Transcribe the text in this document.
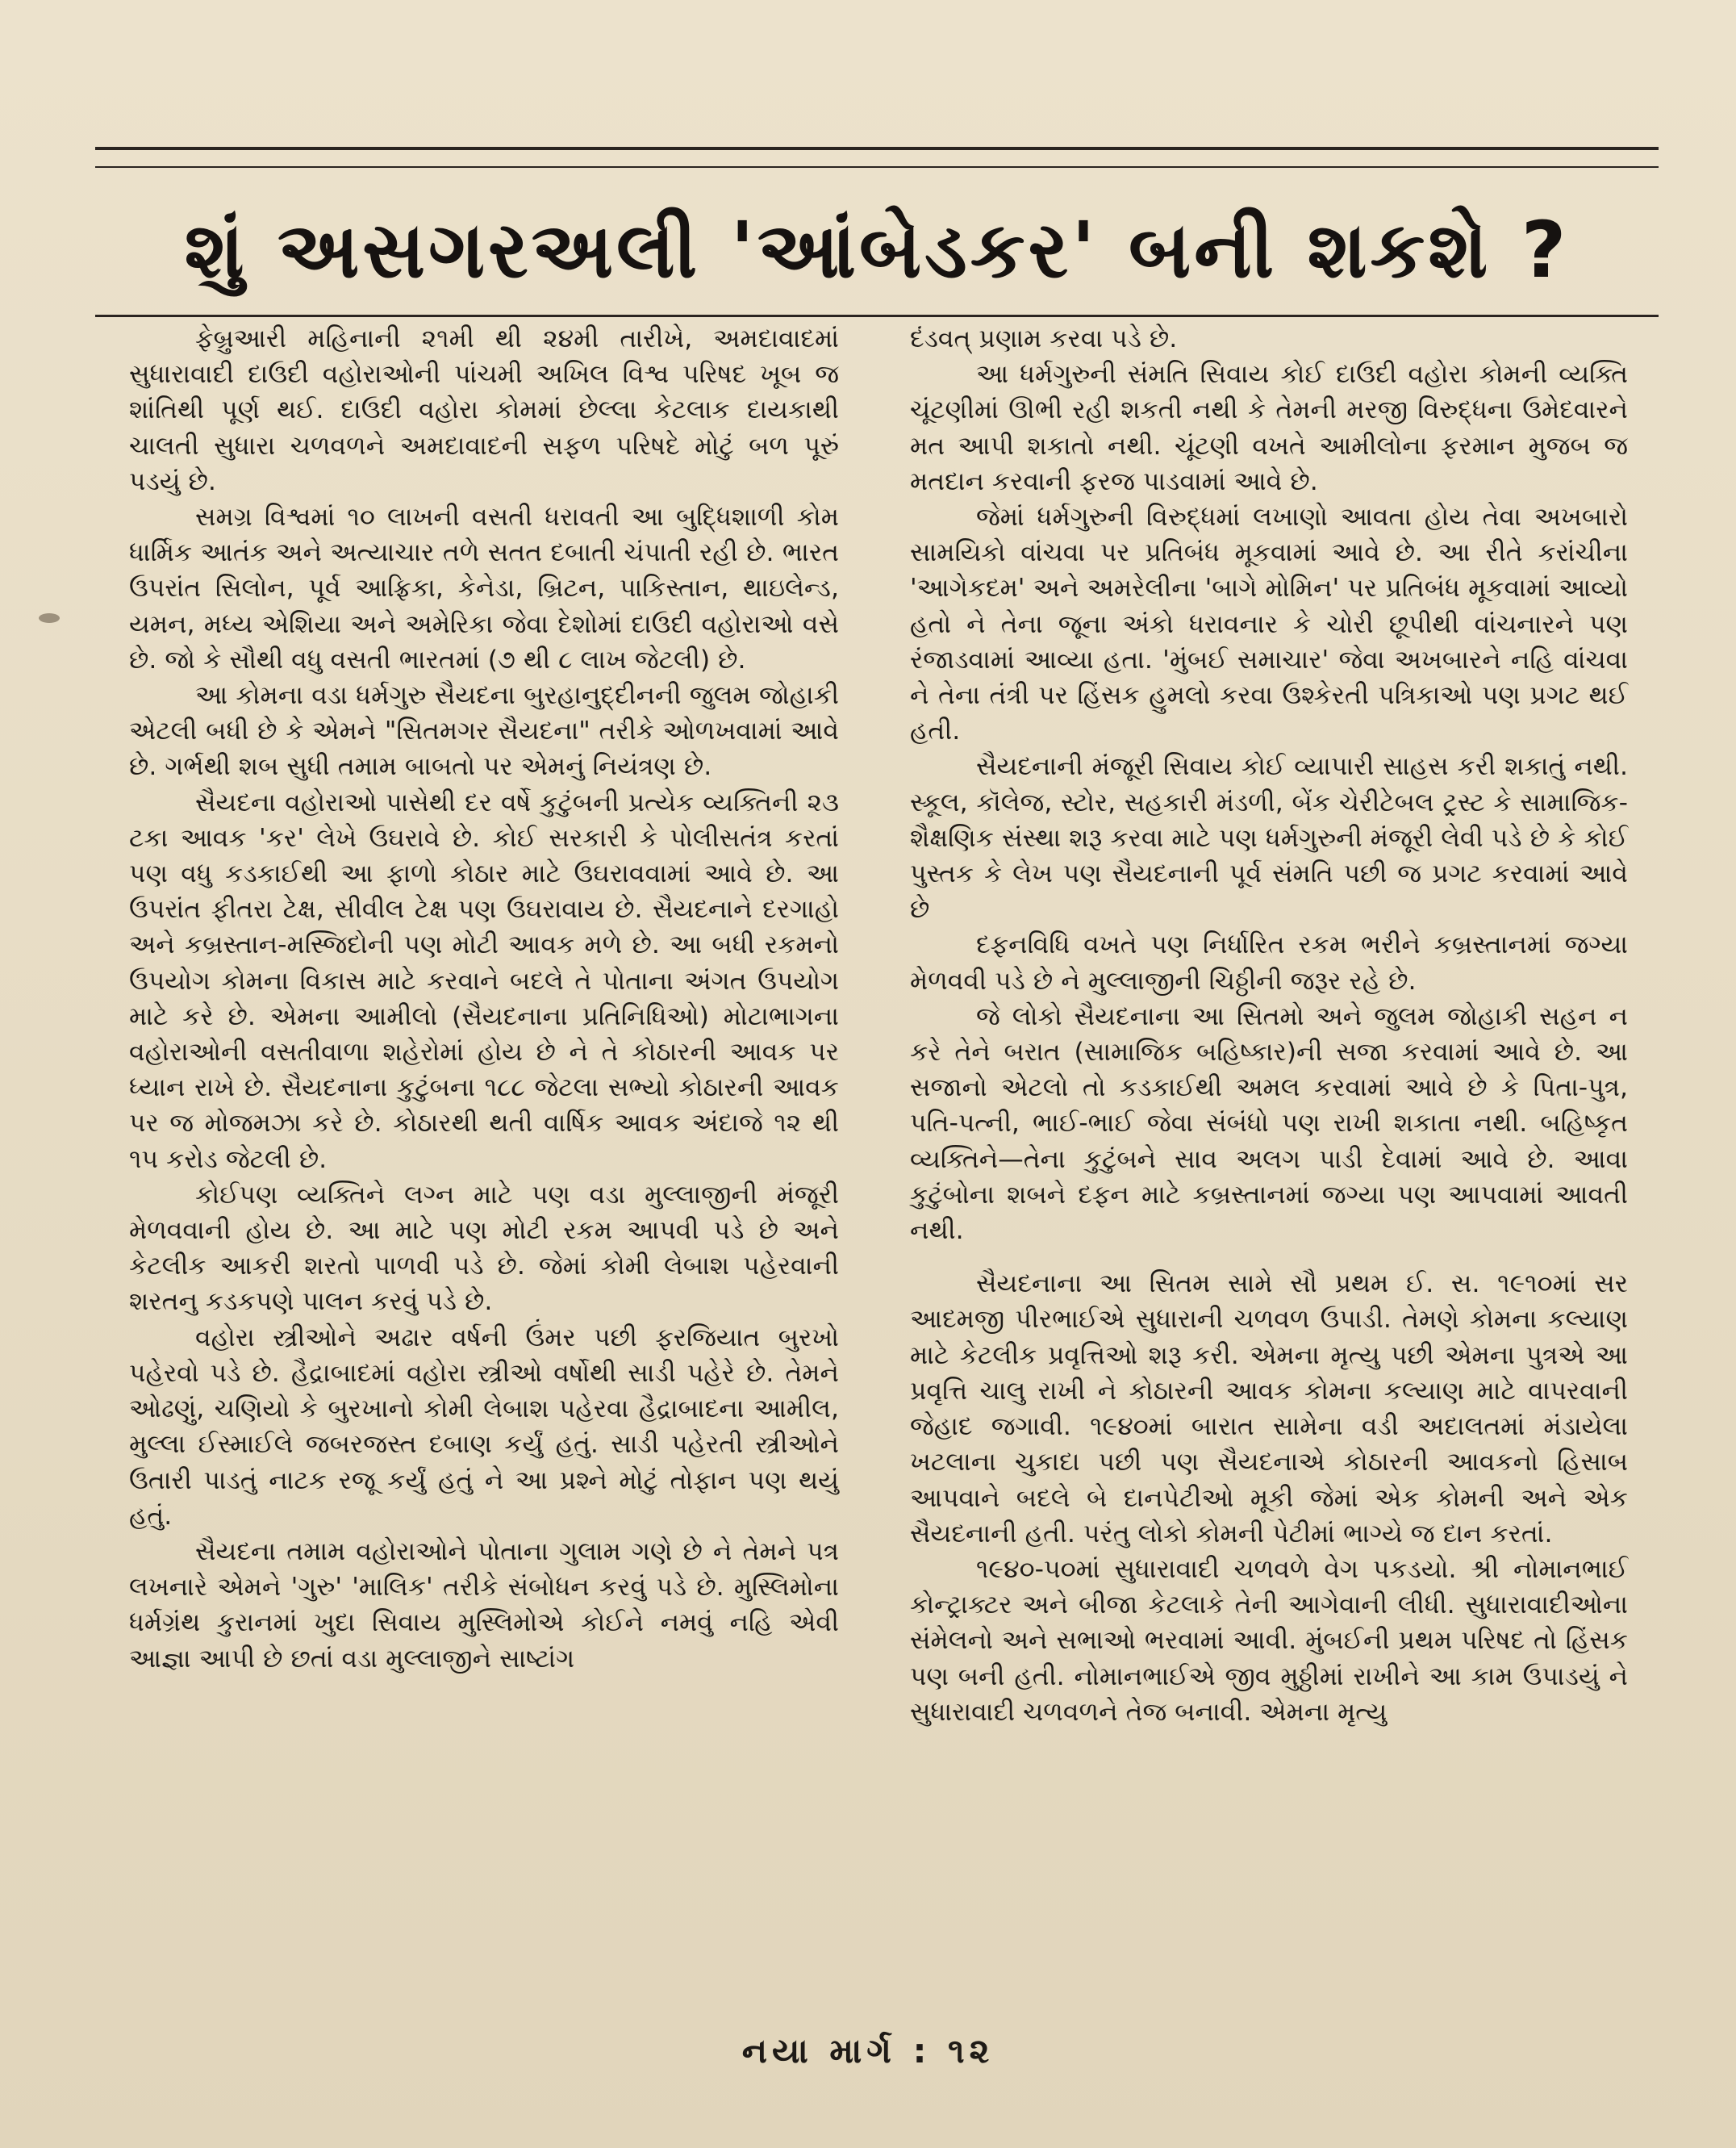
શું અસગરઅલી 'આંબેડકર' બની શકશે ?

ફેબ્રુઆરી મહિનાની ૨૧મી થી ૨૪મી તારીખે, અમદાવાદમાં સુધારાવાદી દાઉદી વહોરાઓની પાંચમી અખિલ વિશ્વ પરિષદ ખૂબ જ શાંતિથી પૂર્ણ થઈ. દાઉદી વહોરા કોમમાં છેલ્લા કેટલાક દાયકાથી ચાલતી સુધારા ચળવળને અમદાવાદની સફળ પરિષદે મોટું બળ પૂરું પડયું છે.

સમગ્ર વિશ્વમાં ૧૦ લાખની વસતી ધરાવતી આ બુદ્ધિશાળી કોમ ધાર્મિક આતંક અને અત્યાચાર તળે સતત દબાતી ચંપાતી રહી છે. ભારત ઉપરાંત સિલોન, પૂર્વ આફ્રિકા, કેનેડા, બ્રિટન, પાકિસ્તાન, થાઇલેન્ડ, યમન, મધ્ય એશિયા અને અમેરિકા જેવા દેશોમાં દાઉદી વહોરાઓ વસે છે. જો કે સૌથી વધુ વસતી ભારતમાં (૭ થી ૮ લાખ જેટલી) છે.

આ કોમના વડા ધર્મગુરુ સૈયદના બુરહાનુદ્દીનની જુલમ જોહાકી એટલી બધી છે કે એમને "સિતમગર સૈયદના" તરીકે ઓળખવામાં આવે છે. ગર્ભથી શબ સુધી તમામ બાબતો પર એમનું નિયંત્રણ છે.

સૈયદના વહોરાઓ પાસેથી દર વર્ષે કુટુંબની પ્રત્યેક વ્યક્તિની ૨૩ ટકા આવક 'કર' લેખે ઉઘરાવે છે. કોઈ સરકારી કે પોલીસતંત્ર કરતાં પણ વધુ કડકાઈથી આ ફાળો કોઠાર માટે ઉઘરાવવામાં આવે છે. આ ઉપરાંત ફીતરા ટેક્ષ, સીવીલ ટેક્ષ પણ ઉઘરાવાય છે. સૈયદનાને દરગાહો અને કબ્રસ્તાન-મસ્જિદોની પણ મોટી આવક મળે છે. આ બધી રકમનો ઉપયોગ કોમના વિકાસ માટે કરવાને બદલે તે પોતાના અંગત ઉપયોગ માટે કરે છે. એમના આમીલો (સૈયદનાના પ્રતિનિધિઓ) મોટાભાગના વહોરાઓની વસતીવાળા શહેરોમાં હોય છે ને તે કોઠારની આવક પર ધ્યાન રાખે છે. સૈયદનાના કુટુંબના ૧૮૮ જેટલા સભ્યો કોઠારની આવક પર જ મોજમઝા કરે છે. કોઠારથી થતી વાર્ષિક આવક અંદાજે ૧૨ થી ૧૫ કરોડ જેટલી છે.

કોઈપણ વ્યક્તિને લગ્ન માટે પણ વડા મુલ્લાજીની મંજૂરી મેળવવાની હોય છે. આ માટે પણ મોટી રકમ આપવી પડે છે અને કેટલીક આકરી શરતો પાળવી પડે છે. જેમાં કોમી લેબાશ પહેરવાની શરતનુ કડકપણે પાલન કરવું પડે છે.

વહોરા સ્ત્રીઓને અઢાર વર્ષની ઉંમર પછી ફરજિયાત બુરખો પહેરવો પડે છે. હૈદ્રાબાદમાં વહોરા સ્ત્રીઓ વર્ષોથી સાડી પહેરે છે. તેમને ઓઢણું, ચણિયો કે બુરખાનો કોમી લેબાશ પહેરવા હૈદ્રાબાદના આમીલ, મુલ્લા ઈસ્માઈલે જબરજસ્ત દબાણ કર્યું હતું. સાડી પહેરતી સ્ત્રીઓને ઉતારી પાડતું નાટક રજૂ કર્યું હતું ને આ પ્રશ્ને મોટું તોફાન પણ થયું હતું.

સૈયદના તમામ વહોરાઓને પોતાના ગુલામ ગણે છે ને તેમને પત્ર લખનારે એમને 'ગુરુ' 'માલિક' તરીકે સંબોધન કરવું પડે છે. મુસ્લિમોના ધર્મગ્રંથ કુરાનમાં ખુદા સિવાય મુસ્લિમોએ કોઈને નમવું નહિ એવી આજ્ઞા આપી છે છતાં વડા મુલ્લાજીને સાષ્ટાંગ

દંડવત્ પ્રણામ કરવા પડે છે.

આ ધર્મગુરુની સંમતિ સિવાય કોઈ દાઉદી વહોરા કોમની વ્યક્તિ ચૂંટણીમાં ઊભી રહી શકતી નથી કે તેમની મરજી વિરુદ્ધના ઉમેદવારને મત આપી શકાતો નથી. ચૂંટણી વખતે આમીલોના ફરમાન મુજબ જ મતદાન કરવાની ફરજ પાડવામાં આવે છે.

જેમાં ધર્મગુરુની વિરુદ્ધમાં લખાણો આવતા હોય તેવા અખબારો સામયિકો વાંચવા પર પ્રતિબંધ મૂકવામાં આવે છે. આ રીતે કરાંચીના 'આગેકદમ' અને અમરેલીના 'બાગે મોમિન' પર પ્રતિબંધ મૂકવામાં આવ્યો હતો ને તેના જૂના અંકો ધરાવનાર કે ચોરી છૂપીથી વાંચનારને પણ રંજાડવામાં આવ્યા હતા. 'મુંબઈ સમાચાર' જેવા અખબારને નહિ વાંચવા ને તેના તંત્રી પર હિંસક હુમલો કરવા ઉશ્કેરતી પત્રિકાઓ પણ પ્રગટ થઈ હતી.

સૈયદનાની મંજૂરી સિવાય કોઈ વ્યાપારી સાહસ કરી શકાતું નથી. સ્કૂલ, કૉલેજ, સ્ટોર, સહકારી મંડળી, બેંક ચેરીટેબલ ટ્રસ્ટ કે સામાજિક-શૈક્ષણિક સંસ્થા શરૂ કરવા માટે પણ ધર્મગુરુની મંજૂરી લેવી પડે છે કે કોઈ પુસ્તક કે લેખ પણ સૈયદનાની પૂર્વ સંમતિ પછી જ પ્રગટ કરવામાં આવે છે

દફનવિધિ વખતે પણ નિર્ધારિત રકમ ભરીને કબ્રસ્તાનમાં જગ્યા મેળવવી પડે છે ને મુલ્લાજીની ચિઠ્ઠીની જરૂર રહે છે.

જે લોકો સૈયદનાના આ સિતમો અને જુલમ જોહાકી સહન ન કરે તેને બરાત (સામાજિક બહિષ્કાર)ની સજા કરવામાં આવે છે. આ સજાનો એટલો તો કડકાઈથી અમલ કરવામાં આવે છે કે પિતા-પુત્ર, પતિ-પત્ની, ભાઈ-ભાઈ જેવા સંબંધો પણ રાખી શકાતા નથી. બહિષ્કૃત વ્યક્તિને—તેના કુટુંબને સાવ અલગ પાડી દેવામાં આવે છે. આવા કુટુંબોના શબને દફન માટે કબ્રસ્તાનમાં જગ્યા પણ આપવામાં આવતી નથી.

સૈયદનાના આ સિતમ સામે સૌ પ્રથમ ઈ. સ. ૧૯૧૦માં સર આદમજી પીરભાઈએ સુધારાની ચળવળ ઉપાડી. તેમણે કોમના કલ્યાણ માટે કેટલીક પ્રવૃત્તિઓ શરૂ કરી. એમના મૃત્યુ પછી એમના પુત્રએ આ પ્રવૃત્તિ ચાલુ રાખી ને કોઠારની આવક કોમના કલ્યાણ માટે વાપરવાની જેહાદ જગાવી. ૧૯૪૦માં બારાત સામેના વડી અદાલતમાં મંડાયેલા ખટલાના ચુકાદા પછી પણ સૈયદનાએ કોઠારની આવકનો હિસાબ આપવાને બદલે બે દાનપેટીઓ મૂકી જેમાં એક કોમની અને એક સૈયદનાની હતી. પરંતુ લોકો કોમની પેટીમાં ભાગ્યે જ દાન કરતાં.

૧૯૪૦-૫૦માં સુધારાવાદી ચળવળે વેગ પકડયો. શ્રી નોમાનભાઈ કોન્ટ્રાક્ટર અને બીજા કેટલાકે તેની આગેવાની લીધી. સુધારાવાદીઓના સંમેલનો અને સભાઓ ભરવામાં આવી. મુંબઈની પ્રથમ પરિષદ તો હિંસક પણ બની હતી. નોમાનભાઈએ જીવ મુઠ્ઠીમાં રાખીને આ કામ ઉપાડયું ને સુધારાવાદી ચળવળને તેજ બનાવી. એમના મૃત્યુ

નયા માર્ગ : ૧૨
